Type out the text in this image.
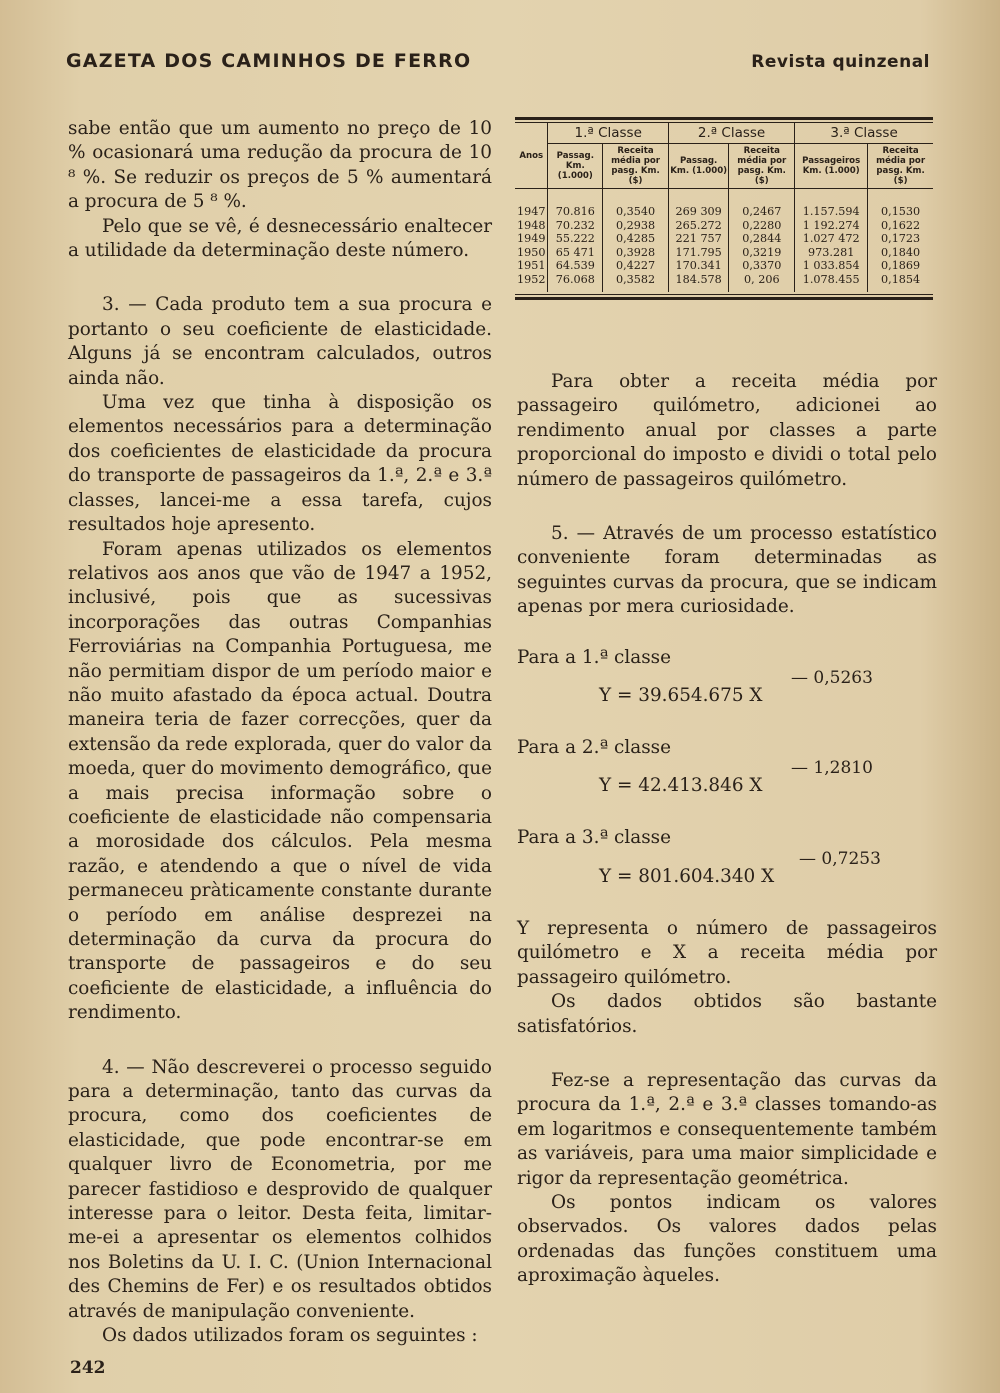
GAZETA DOS CAMINHOS DE FERRO	Revista quinzenal

sabe então que um aumento no preço de 10 % ocasionará uma redução da procura de 10 ⁸ %. Se reduzir os preços de 5 % aumentará a procura de 5 ⁸ %.

Pelo que se vê, é desnecessário enaltecer a utilidade da determinação deste número.

3. — Cada produto tem a sua procura e portanto o seu coeficiente de elasticidade. Alguns já se encontram calculados, outros ainda não.

Uma vez que tinha à disposição os elementos necessários para a determinação dos coeficientes de elasticidade da procura do transporte de passageiros da 1.ª, 2.ª e 3.ª classes, lancei-me a essa tarefa, cujos resultados hoje apresento.

Foram apenas utilizados os elementos relativos aos anos que vão de 1947 a 1952, inclusivé, pois que as sucessivas incorporações das outras Companhias Ferroviárias na Companhia Portuguesa, me não permitiam dispor de um período maior e não muito afastado da época actual. Doutra maneira teria de fazer correcções, quer da extensão da rede explorada, quer do valor da moeda, quer do movimento demográfico, que a mais precisa informação sobre o coeficiente de elasticidade não compensaria a morosidade dos cálculos. Pela mesma razão, e atendendo a que o nível de vida permaneceu pràticamente constante durante o período em análise desprezei na determinação da curva da procura do transporte de passageiros e do seu coeficiente de elasticidade, a influência do rendimento.

4. — Não descreverei o processo seguido para a determinação, tanto das curvas da procura, como dos coeficientes de elasticidade, que pode encontrar-se em qualquer livro de Econometria, por me parecer fastidioso e desprovido de qualquer interesse para o leitor. Desta feita, limitar-me-ei a apresentar os elementos colhidos nos Boletins da U. I. C. (Union Internacional des Chemins de Fer) e os resultados obtidos através de manipulação conveniente.

Os dados utilizados foram os seguintes :

Anos	1.ª Classe		2.ª Classe		3.ª Classe	
	Passag. Km. (1.000)	Receita média por pasg. Km. ($)	Passag. Km. (1.000)	Receita média por pasg. Km. ($)	Passageiros Km. (1.000)	Receita média por pasg. Km. ($)
1947	70.816	0,3540	269 309	0,2467	1.157.594	0,1530
1948	70.232	0,2938	265.272	0,2280	1 192.274	0,1622
1949	55.222	0,4285	221 757	0,2844	1.027 472	0,1723
1950	65 471	0,3928	171.795	0,3219	973.281	0,1840
1951	64.539	0,4227	170.341	0,3370	1 033.854	0,1869
1952	76.068	0,3582	184.578	0, 206	1.078.455	0,1854

Para obter a receita média por passageiro quilómetro, adicionei ao rendimento anual por classes a parte proporcional do imposto e dividi o total pelo número de passageiros quilómetro.

5. — Através de um processo estatístico conveniente foram determinadas as seguintes curvas da procura, que se indicam apenas por mera curiosidade.

Para a 1.ª classe

Y = 39.654.675 X
— 0,5263

Para a 2.ª classe

Y = 42.413.846 X
— 1,2810

Para a 3.ª classe

Y = 801.604.340 X
— 0,7253

Y representa o número de passageiros quilómetro e X a receita média por passageiro quilómetro.

Os dados obtidos são bastante satisfatórios.

Fez-se a representação das curvas da procura da 1.ª, 2.ª e 3.ª classes tomando-as em logaritmos e consequentemente também as variáveis, para uma maior simplicidade e rigor da representação geométrica.

Os pontos indicam os valores observados. Os valores dados pelas ordenadas das funções constituem uma aproximação àqueles.

242
